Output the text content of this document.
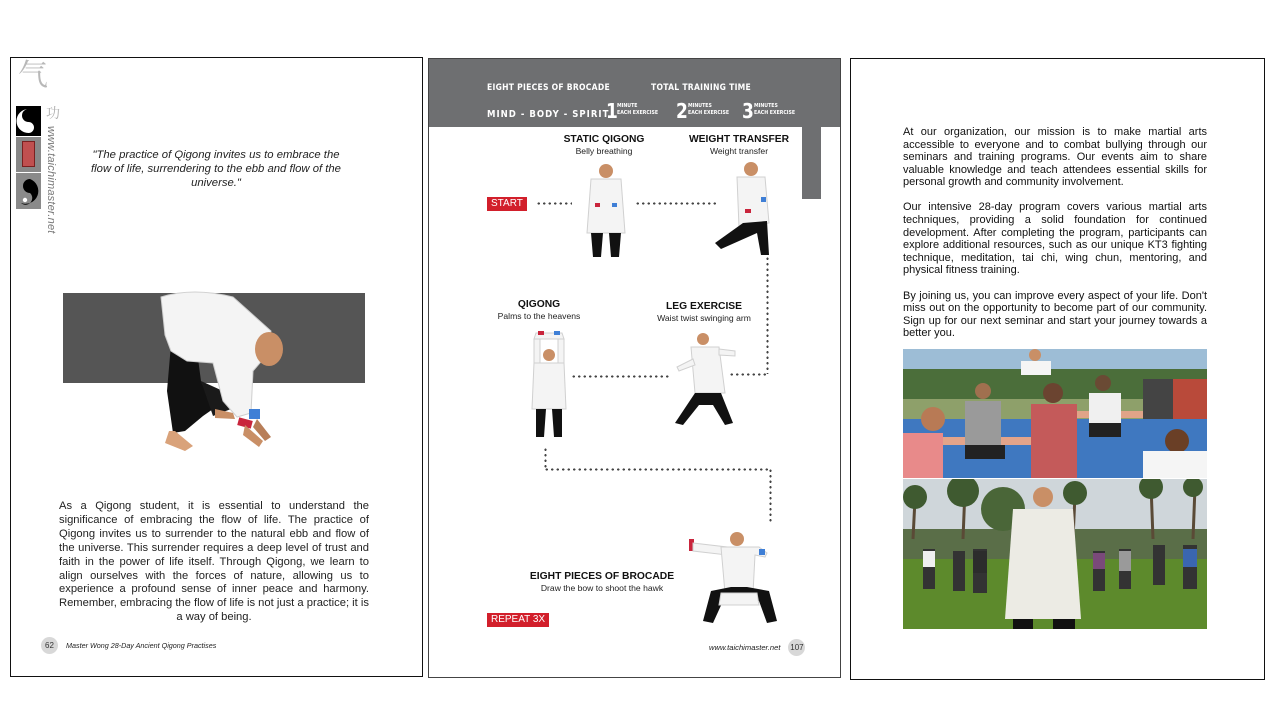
气
功
www.taichimaster.net	"The practice of Qigong invites us to embrace the flow of life, surrendering to the ebb and flow of the universe."
As a Qigong student, it is essential to understand the significance of embracing the flow of life. The practice of Qigong invites us to surrender to the natural ebb and flow of the universe. This surrender requires a deep level of trust and faith in the power of life itself. Through Qigong, we learn to align ourselves with the forces of nature, allowing us to experience a profound sense of inner peace and harmony. Remember, embracing the flow of life is not just a practice; it is a way of being.
62	Master Wong 28-Day Ancient Qigong Practises
EIGHT PIECES OF BROCADE	TOTAL TRAINING TIME
MIND - BODY - SPIRIT
1 MINUTE
EACH EXERCISE 2 MINUTES
EACH EXERCISE 3 MINUTES
EACH EXERCISE
STATIC QIGONG
Belly breathing
WEIGHT TRANSFER
Weight transfer
QIGONG
Palms to the heavens
LEG EXERCISE
Waist twist swinging arm
EIGHT PIECES OF BROCADE
Draw the bow to shoot the hawk
START
REPEAT 3X
www.taichimaster.net 107

At our organization, our mission is to make martial arts accessible to everyone and to combat bullying through our seminars and training programs. Our events aim to share valuable knowledge and teach attendees essential skills for personal growth and community involvement.

Our intensive 28-day program covers various martial arts techniques, providing a solid foundation for continued development. After completing the program, participants can explore additional resources, such as our unique KT3 fighting technique, meditation, tai chi, wing chun, mentoring, and physical fitness training.

By joining us, you can improve every aspect of your life. Don't miss out on the opportunity to become part of our community. Sign up for our next seminar and start your journey towards a better you.
